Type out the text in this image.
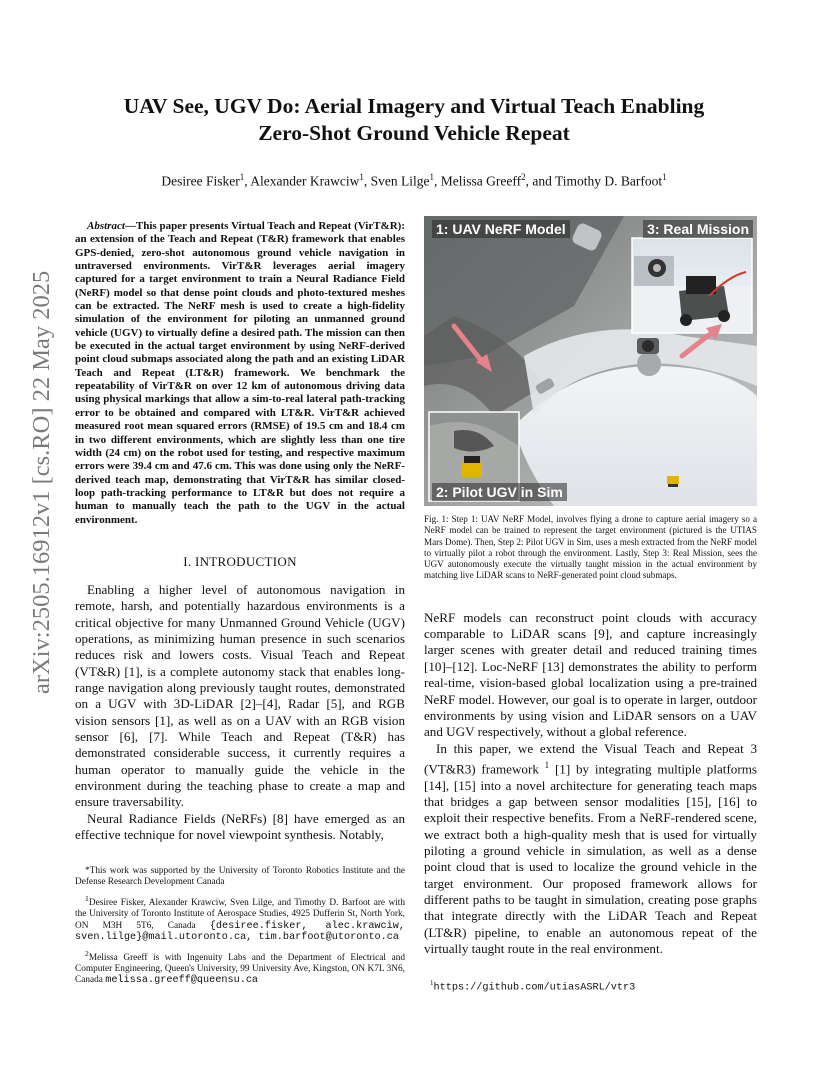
arXiv:2505.16912v1 [cs.RO] 22 May 2025
UAV See, UGV Do: Aerial Imagery and Virtual Teach Enabling
Zero-Shot Ground Vehicle Repeat
Desiree Fisker$^1$, Alexander Krawciw$^1$, Sven Lilge$^1$, Melissa Greeff$^2$, and Timothy D. Barfoot$^1$

Abstract—This paper presents Virtual Teach and Repeat (VirT&R): an extension of the Teach and Repeat (T&R) framework that enables GPS-denied, zero-shot autonomous ground vehicle navigation in untraversed environments. VirT&R leverages aerial imagery captured for a target environment to train a Neural Radiance Field (NeRF) model so that dense point clouds and photo-textured meshes can be extracted. The NeRF mesh is used to create a high-fidelity simulation of the environment for piloting an unmanned ground vehicle (UGV) to virtually define a desired path. The mission can then be executed in the actual target environment by using NeRF-derived point cloud submaps associated along the path and an existing LiDAR Teach and Repeat (LT&R) framework. We benchmark the repeatability of VirT&R on over 12 km of autonomous driving data using physical markings that allow a sim-to-real lateral path-tracking error to be obtained and compared with LT&R. VirT&R achieved measured root mean squared errors (RMSE) of 19.5 cm and 18.4 cm in two different environments, which are slightly less than one tire width (24 cm) on the robot used for testing, and respective maximum errors were 39.4 cm and 47.6 cm. This was done using only the NeRF-derived teach map, demonstrating that VirT&R has similar closed-loop path-tracking performance to LT&R but does not require a human to manually teach the path to the UGV in the actual environment.

I. INTRODUCTION

Enabling a higher level of autonomous navigation in remote, harsh, and potentially hazardous environments is a critical objective for many Unmanned Ground Vehicle (UGV) operations, as minimizing human presence in such scenarios reduces risk and lowers costs. Visual Teach and Repeat (VT&R) [1], is a complete autonomy stack that enables long-range navigation along previously taught routes, demonstrated on a UGV with 3D-LiDAR [2]–[4], Radar [5], and RGB vision sensors [1], as well as on a UAV with an RGB vision sensor [6], [7]. While Teach and Repeat (T&R) has demonstrated considerable success, it currently requires a human operator to manually guide the vehicle in the environment during the teaching phase to create a map and ensure traversability.

Neural Radiance Fields (NeRFs) [8] have emerged as an effective technique for novel viewpoint synthesis. Notably,

*This work was supported by the University of Toronto Robotics Institute and the Defense Research Development Canada

$^1$Desiree Fisker, Alexander Krawciw, Sven Lilge, and Timothy D. Barfoot are with the University of Toronto Institute of Aerospace Studies, 4925 Dufferin St, North York, ON M3H 5T6, Canada {desiree.fisker, alec.krawciw, sven.lilge}@mail.utoronto.ca, tim.barfoot@utoronto.ca

$^2$Melissa Greeff is with Ingenuity Labs and the Department of Electrical and Computer Engineering, Queen's University, 99 University Ave, Kingston, ON K7L 3N6, Canada melissa.greeff@queensu.ca

1: UAV NeRF Model	3: Real Mission
2: Pilot UGV in Sim

Fig. 1: Step 1: UAV NeRF Model, involves flying a drone to capture aerial imagery so a NeRF model can be trained to represent the target environment (pictured is the UTIAS Mars Dome). Then, Step 2: Pilot UGV in Sim, uses a mesh extracted from the NeRF model to virtually pilot a robot through the environment. Lastly, Step 3: Real Mission, sees the UGV autonomously execute the virtually taught mission in the actual environment by matching live LiDAR scans to NeRF-generated point cloud submaps.

NeRF models can reconstruct point clouds with accuracy comparable to LiDAR scans [9], and capture increasingly larger scenes with greater detail and reduced training times [10]–[12]. Loc-NeRF [13] demonstrates the ability to perform real-time, vision-based global localization using a pre-trained NeRF model. However, our goal is to operate in larger, outdoor environments by using vision and LiDAR sensors on a UAV and UGV respectively, without a global reference.

In this paper, we extend the Visual Teach and Repeat 3 (VT&R3) framework $^1$ [1] by integrating multiple platforms [14], [15] into a novel architecture for generating teach maps that bridges a gap between sensor modalities [15], [16] to exploit their respective benefits. From a NeRF-rendered scene, we extract both a high-quality mesh that is used for virtually piloting a ground vehicle in simulation, as well as a dense point cloud that is used to localize the ground vehicle in the target environment. Our proposed framework allows for different paths to be taught in simulation, creating pose graphs that integrate directly with the LiDAR Teach and Repeat (LT&R) pipeline, to enable an autonomous repeat of the virtually taught route in the real environment.

$^1$https://github.com/utiasASRL/vtr3
